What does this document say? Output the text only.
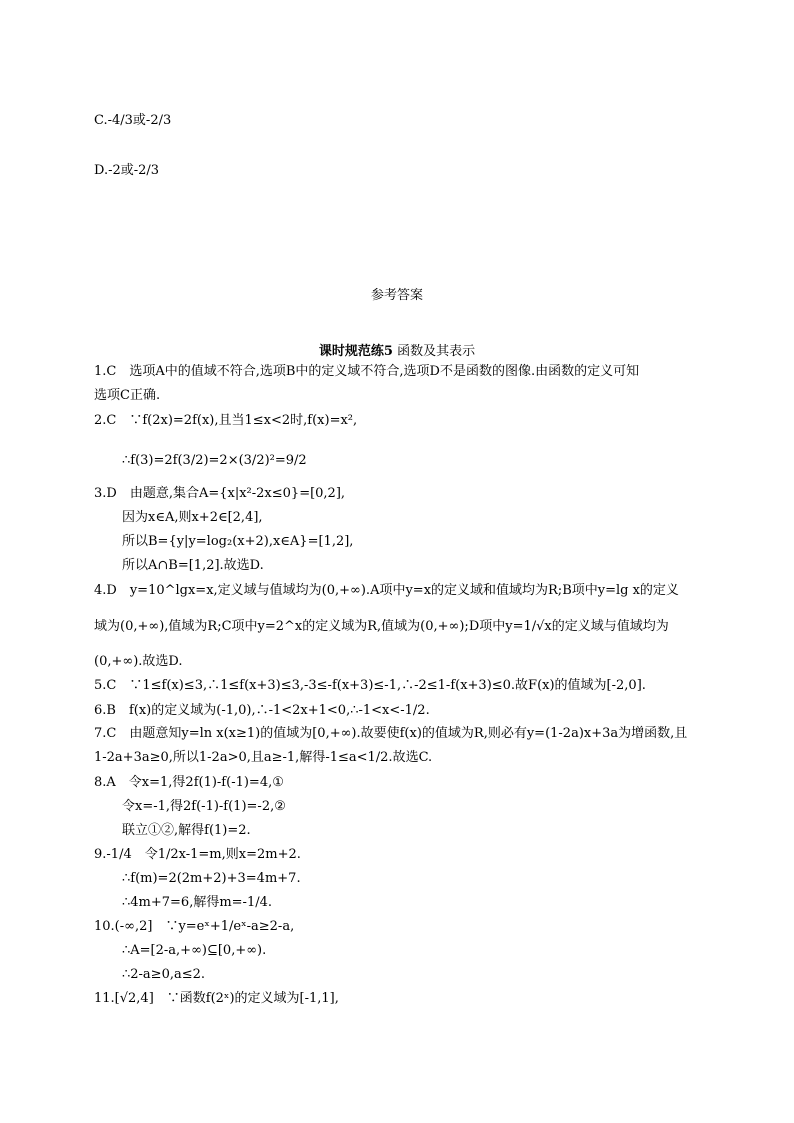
C.-4/3或-2/3
D.-2或-2/3
参考答案
课时规范练5 函数及其表示
1.C　选项A中的值域不符合,选项B中的定义域不符合,选项D不是函数的图像.由函数的定义可知
选项C正确.
2.C　∵f(2x)=2f(x),且当1≤x<2时,f(x)=x²,
∴f(3)=2f(3/2)=2×(3/2)²=9/2
3.D　由题意,集合A={x|x²-2x≤0}=[0,2],
因为x∈A,则x+2∈[2,4],
所以B={y|y=log₂(x+2),x∈A}=[1,2],
所以A∩B=[1,2].故选D.
4.D　y=10^lgx=x,定义域与值域均为(0,+∞).A项中y=x的定义域和值域均为R;B项中y=lg x的定义
域为(0,+∞),值域为R;C项中y=2^x的定义域为R,值域为(0,+∞);D项中y=1/√x的定义域与值域均为
(0,+∞).故选D.
5.C　∵1≤f(x)≤3,∴1≤f(x+3)≤3,-3≤-f(x+3)≤-1,∴-2≤1-f(x+3)≤0.故F(x)的值域为[-2,0].
6.B　f(x)的定义域为(-1,0),∴-1<2x+1<0,∴-1<x<-1/2.
7.C　由题意知y=ln x(x≥1)的值域为[0,+∞).故要使f(x)的值域为R,则必有y=(1-2a)x+3a为增函数,且
1-2a+3a≥0,所以1-2a>0,且a≥-1,解得-1≤a<1/2.故选C.
8.A　令x=1,得2f(1)-f(-1)=4,①
令x=-1,得2f(-1)-f(1)=-2,②
联立①②,解得f(1)=2.
9.-1/4　令1/2x-1=m,则x=2m+2.
∴f(m)=2(2m+2)+3=4m+7.
∴4m+7=6,解得m=-1/4.
10.(-∞,2]　∵y=eˣ+1/eˣ-a≥2-a,
∴A=[2-a,+∞)⊆[0,+∞).
∴2-a≥0,a≤2.
11.[√2,4]　∵函数f(2ˣ)的定义域为[-1,1],
